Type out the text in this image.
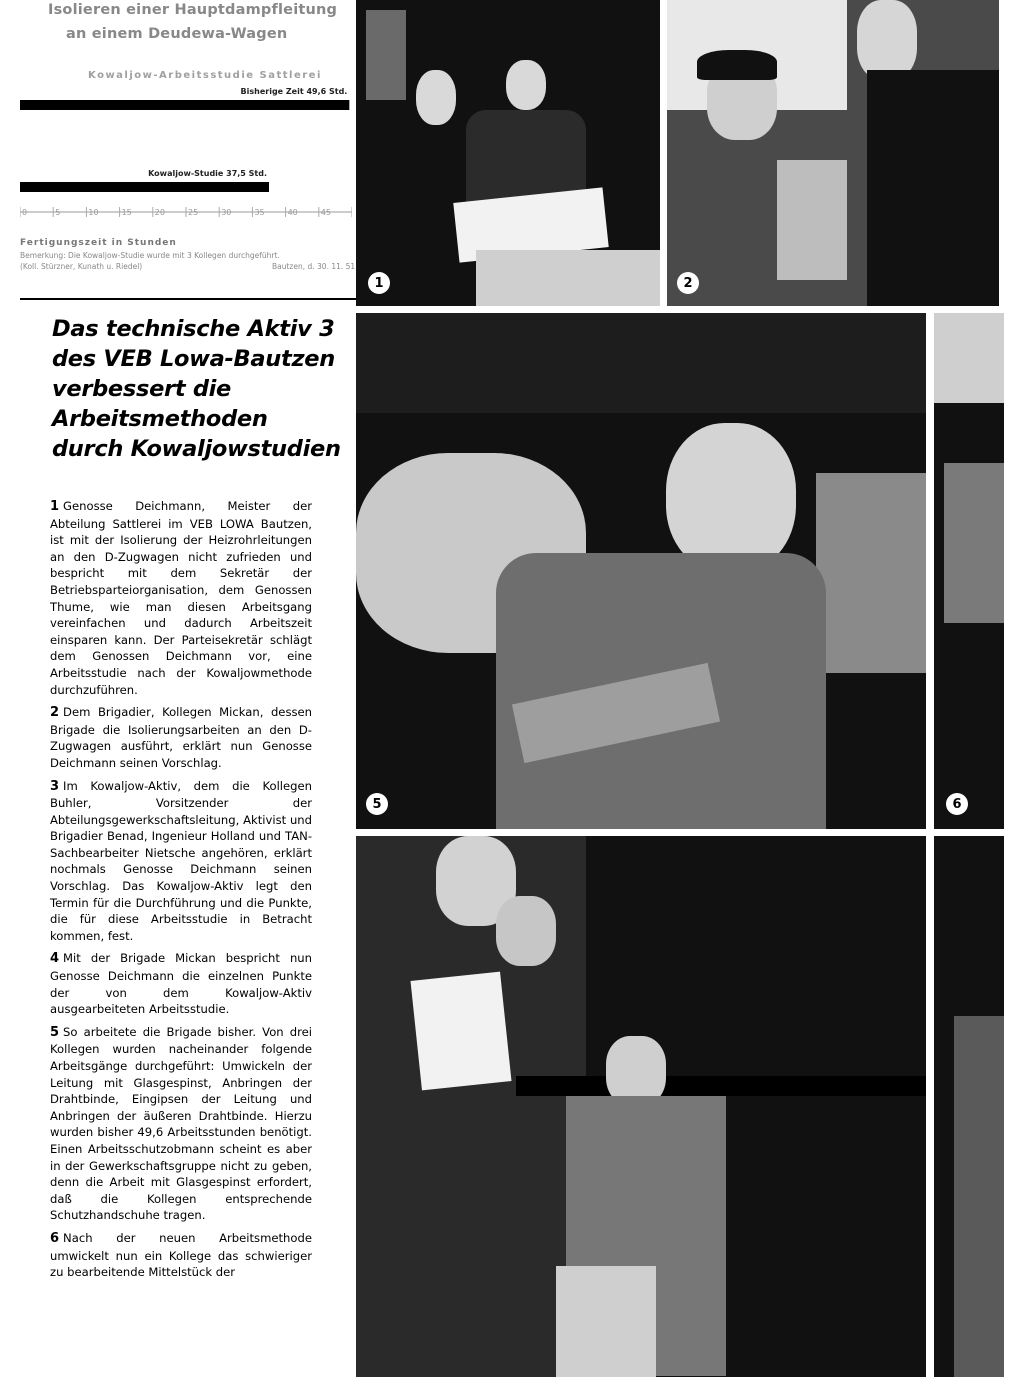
Isolieren einer Hauptdampfleitung
an einem Deudewa-Wagen
Kowaljow-Arbeitsstudie Sattlerei
Bisherige Zeit 49,6 Std.
Kowaljow-Studie 37,5 Std.
0	5	10	15	20	25	30	35	40	45
Fertigungszeit in Stunden
Bemerkung: Die Kowaljow-Studie wurde mit 3 Kollegen durchgeführt.
(Koll. Stürzner, Kunath u. Riedel)	Bautzen, d. 30. 11. 51
Das technische Aktiv 3
des VEB Lowa-Bautzen
verbessert die
Arbeitsmethoden
durch Kowaljowstudien

1 Genosse Deichmann, Meister der Abteilung Sattlerei im VEB LOWA Bautzen, ist mit der Isolierung der Heizrohrleitungen an den D-Zugwagen nicht zufrieden und bespricht mit dem Sekretär der Betriebsparteiorganisation, dem Genossen Thume, wie man diesen Arbeitsgang vereinfachen und dadurch Arbeitszeit einsparen kann. Der Parteisekretär schlägt dem Genossen Deichmann vor, eine Arbeitsstudie nach der Kowaljowmethode durchzuführen.

2 Dem Brigadier, Kollegen Mickan, dessen Brigade die Isolierungsarbeiten an den D-Zugwagen ausführt, erklärt nun Genosse Deichmann seinen Vorschlag.

3 Im Kowaljow-Aktiv, dem die Kollegen Buhler, Vorsitzender der Abteilungsgewerkschaftsleitung, Aktivist und Brigadier Benad, Ingenieur Holland und TAN-Sachbearbeiter Nietsche angehören, erklärt nochmals Genosse Deichmann seinen Vorschlag. Das Kowaljow-Aktiv legt den Termin für die Durchführung und die Punkte, die für diese Arbeitsstudie in Betracht kommen, fest.

4 Mit der Brigade Mickan bespricht nun Genosse Deichmann die einzelnen Punkte der von dem Kowaljow-Aktiv ausgearbeiteten Arbeitsstudie.

5 So arbeitete die Brigade bisher. Von drei Kollegen wurden nacheinander folgende Arbeitsgänge durchgeführt: Umwickeln der Leitung mit Glasgespinst, Anbringen der Drahtbinde, Eingipsen der Leitung und Anbringen der äußeren Drahtbinde. Hierzu wurden bisher 49,6 Arbeitsstunden benötigt. Einen Arbeitsschutzobmann scheint es aber in der Gewerkschaftsgruppe nicht zu geben, denn die Arbeit mit Glasgespinst erfordert, daß die Kollegen entsprechende Schutzhandschuhe tragen.

6 Nach der neuen Arbeitsmethode umwickelt nun ein Kollege das schwieriger zu bearbeitende Mittelstück der

1	2
5	6
